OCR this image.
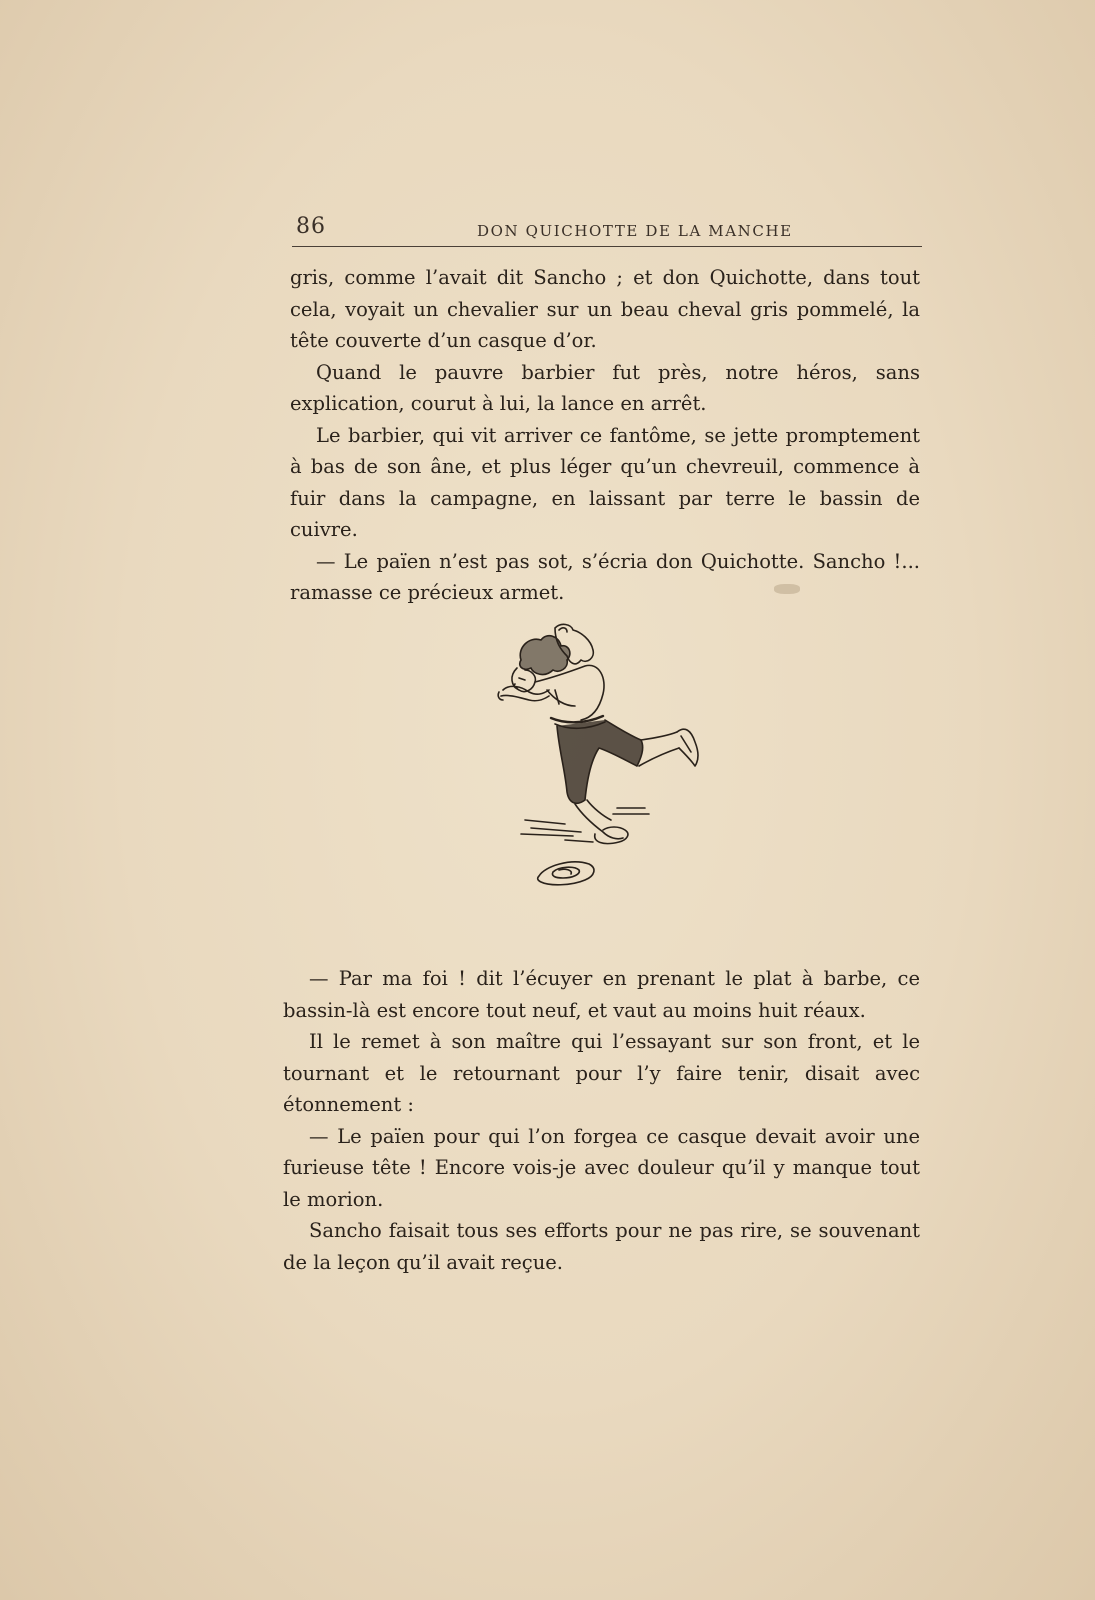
86	DON QUICHOTTE DE LA MANCHE

gris, comme l’avait dit Sancho ; et don Quichotte, dans tout cela, voyait un chevalier sur un beau cheval gris pommelé, la tête couverte d’un casque d’or.

Quand le pauvre barbier fut près, notre héros, sans explication, courut à lui, la lance en arrêt.

Le barbier, qui vit arriver ce fantôme, se jette promptement à bas de son âne, et plus léger qu’un chevreuil, commence à fuir dans la campagne, en laissant par terre le bassin de cuivre.

— Le païen n’est pas sot, s’écria don Quichotte. Sancho !... ramasse ce précieux armet.

— Par ma foi ! dit l’écuyer en prenant le plat à barbe, ce bassin-là est encore tout neuf, et vaut au moins huit réaux.

Il le remet à son maître qui l’essayant sur son front, et le tournant et le retournant pour l’y faire tenir, disait avec étonnement :

— Le païen pour qui l’on forgea ce casque devait avoir une furieuse tête ! Encore vois-je avec douleur qu’il y manque tout le morion.

Sancho faisait tous ses efforts pour ne pas rire, se souvenant de la leçon qu’il avait reçue.
